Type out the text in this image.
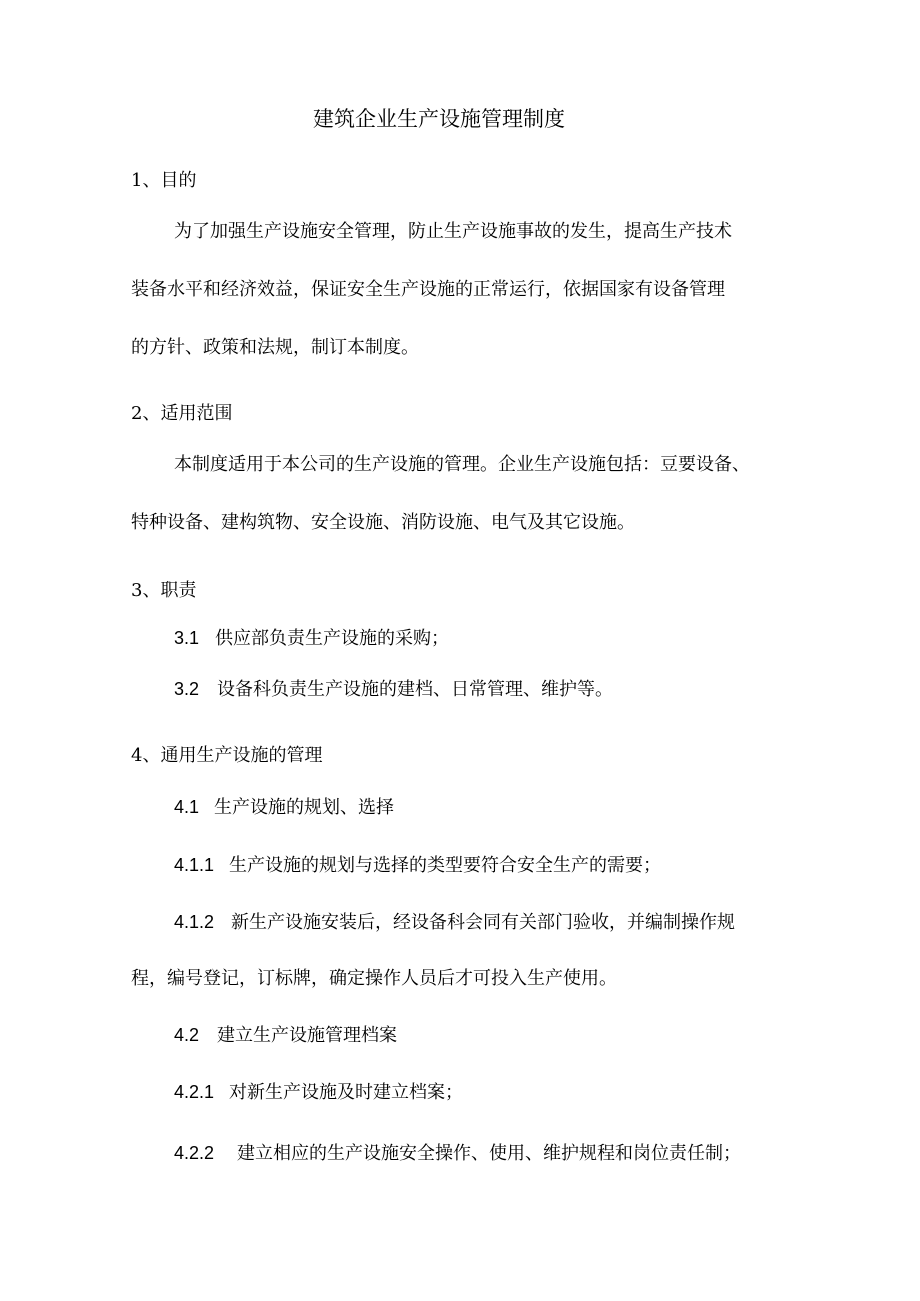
建筑企业生产设施管理制度
1、目的
为了加强生产设施安全管理，防止生产设施事故的发生，提高生产技术
装备水平和经济效益，保证安全生产设施的正常运行，依据国家有设备管理
的方针、政策和法规，制订本制度。
2、适用范围
本制度适用于本公司的生产设施的管理。企业生产设施包括：豆要设备、
特种设备、建构筑物、安全设施、消防设施、电气及其它设施。
3、职责
3.1 供应部负责生产设施的采购；
3.2 设备科负责生产设施的建档、日常管理、维护等。
4、通用生产设施的管理
4.1 生产设施的规划、选择
4.1.1 生产设施的规划与选择的类型要符合安全生产的需要；
4.1.2 新生产设施安装后，经设备科会同有关部门验收，并编制操作规
程，编号登记，订标牌，确定操作人员后才可投入生产使用。
4.2 建立生产设施管理档案
4.2.1 对新生产设施及时建立档案；
4.2.2 建立相应的生产设施安全操作、使用、维护规程和岗位责任制；
